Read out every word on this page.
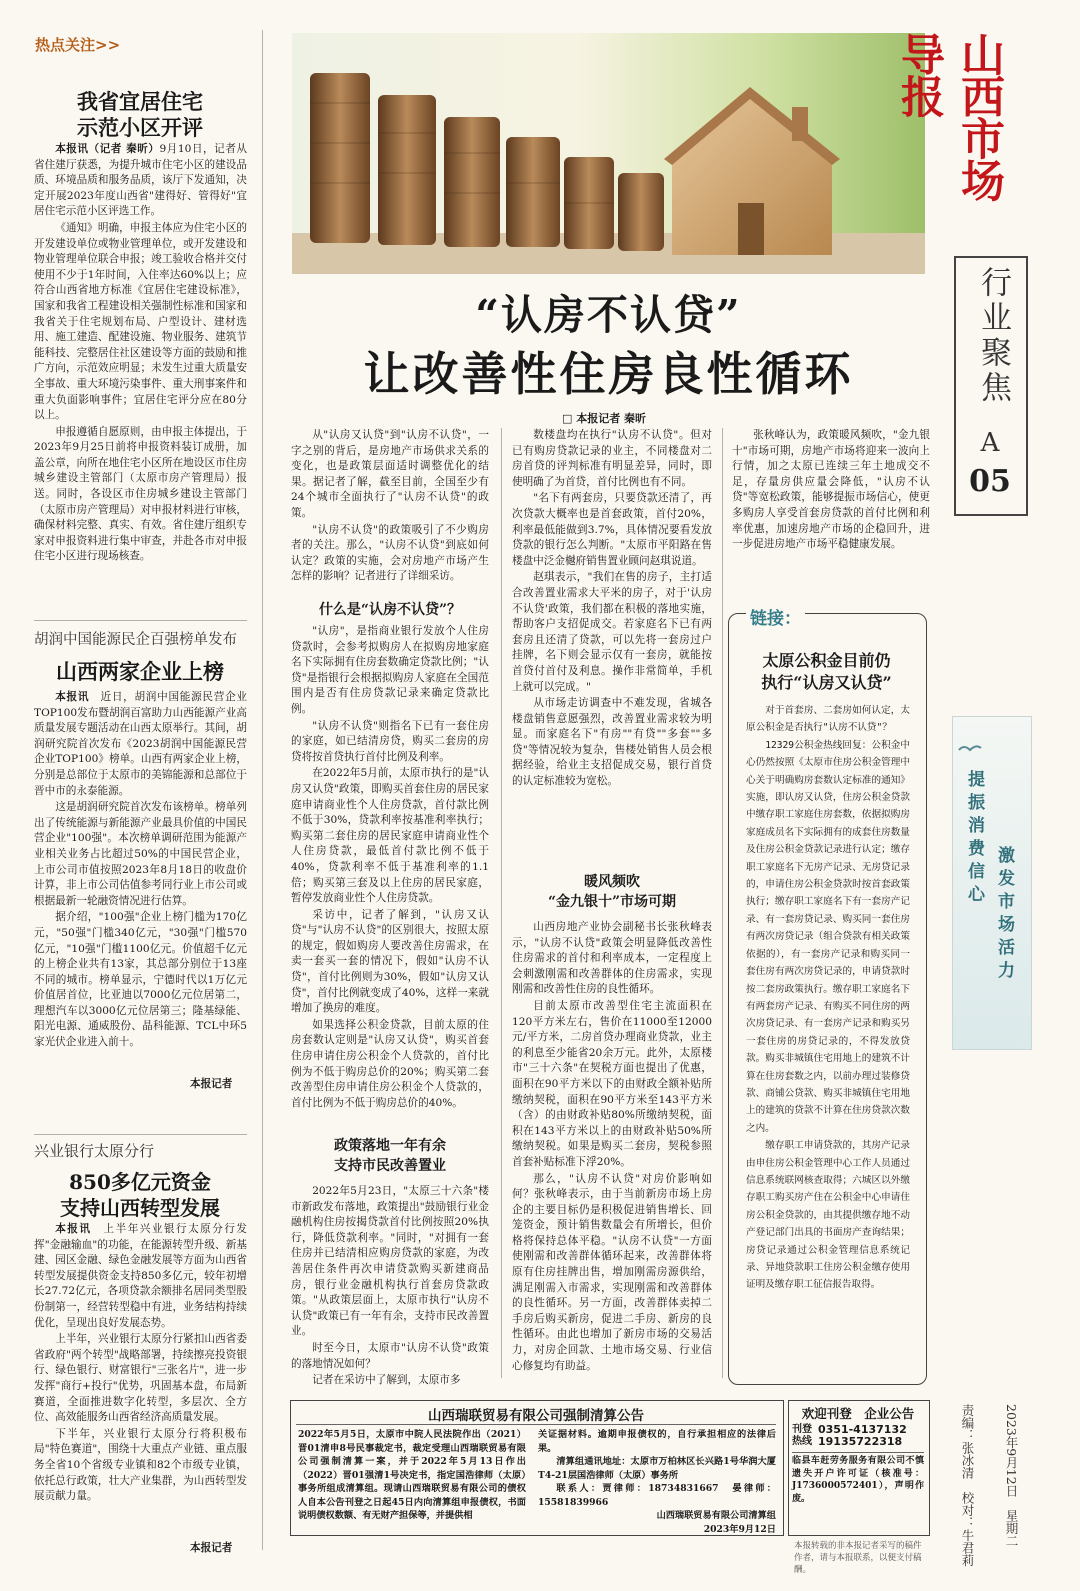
山西市场导报
行业聚焦
A
05
热点关注>>
我省宜居住宅
示范小区开评

本报讯（记者 秦昕）9月10日，记者从省住建厅获悉，为提升城市住宅小区的建设品质、环境品质和服务品质，该厅下发通知，决定开展2023年度山西省"建得好、管得好"宜居住宅示范小区评选工作。

《通知》明确，申报主体应为住宅小区的开发建设单位或物业管理单位，或开发建设和物业管理单位联合申报；竣工验收合格并交付使用不少于1年时间，入住率达60%以上；应符合山西省地方标准《宜居住宅建设标准》，国家和我省工程建设相关强制性标准和国家和我省关于住宅规划布局、户型设计、建材选用、施工建造、配建设施、物业服务、建筑节能科技、完整居住社区建设等方面的鼓励和推广方向，示范效应明显；未发生过重大质量安全事故、重大环境污染事件、重大刑事案件和重大负面影响事件；宜居住宅评分应在80分以上。

申报遵循自愿原则，由申报主体提出，于2023年9月25日前将申报资料装订成册，加盖公章，向所在地住宅小区所在地设区市住房城乡建设主管部门（太原市房产管理局）报送。同时，各设区市住房城乡建设主管部门（太原市房产管理局）对申报材料进行审核，确保材料完整、真实、有效。省住建厅组织专家对申报资料进行集中审查，并赴各市对申报住宅小区进行现场核查。

胡润中国能源民企百强榜单发布
山西两家企业上榜

本报讯　 近日，胡润中国能源民营企业TOP100发布暨胡润百富助力山西能源产业高质量发展专题活动在山西太原举行。其间，胡润研究院首次发布《2023胡润中国能源民营企业TOP100》榜单。山西有两家企业上榜，分别是总部位于太原市的美锦能源和总部位于晋中市的永泰能源。

这是胡润研究院首次发布该榜单。榜单列出了传统能源与新能源产业最具价值的中国民营企业"100强"。本次榜单调研范围为能源产业相关业务占比超过50%的中国民营企业，上市公司市值按照2023年8月18日的收盘价计算，非上市公司估值参考同行业上市公司或根据最新一轮融资情况进行估算。

据介绍，"100强"企业上榜门槛为170亿元，"50强"门槛340亿元，"30强"门槛570亿元，"10强"门槛1100亿元。价值超千亿元的上榜企业共有13家，其总部分别位于13座不同的城市。榜单显示，宁德时代以1万亿元价值居首位，比亚迪以7000亿元位居第二，理想汽车以3000亿元位居第三；隆基绿能、阳光电源、通威股份、晶科能源、TCL中环5家光伏企业进入前十。

本报记者
兴业银行太原分行
850多亿元资金
支持山西转型发展

本报讯　 上半年兴业银行太原分行发挥"金融输血"的功能，在能源转型升级、新基建、园区金融、绿色金融发展等方面为山西省转型发展提供资金支持850多亿元，较年初增长27.72亿元，各项贷款余额排名居同类型股份制第一，经营转型稳中有进，业务结构持续优化，呈现出良好发展态势。

上半年，兴业银行太原分行紧扣山西省委省政府"两个转型"战略部署，持续擦亮投资银行、绿色银行、财富银行"三张名片"，进一步发挥"商行+投行"优势，巩固基本盘，布局新赛道，全面推进数字化转型，多层次、全方位、高效能服务山西省经济高质量发展。

下半年，兴业银行太原分行将积极布局"特色赛道"，围绕十大重点产业链、重点服务全省10个省级专业镇和82个市级专业镇，依托总行政策，壮大产业集群，为山西转型发展贡献力量。

本报记者
“认房不认贷”
让改善性住房良性循环
□ 本报记者 秦昕

从"认房又认贷"到"认房不认贷"，一字之别的背后，是房地产市场供求关系的变化，也是政策层面适时调整优化的结果。据记者了解，截至目前，全国至少有24个城市全面执行了"认房不认贷"的政策。

"认房不认贷"的政策吸引了不少购房者的关注。那么，"认房不认贷"到底如何认定？政策的实施，会对房地产市场产生怎样的影响？记者进行了详细采访。

什么是“认房不认贷”？

"认房"，是指商业银行发放个人住房贷款时，会参考拟购房人在拟购房地家庭名下实际拥有住房套数确定贷款比例；"认贷"是指银行会根据拟购房人家庭在全国范围内是否有住房贷款记录来确定贷款比例。

"认房不认贷"则指名下已有一套住房的家庭，如已结清房贷，购买二套房的房贷将按首贷执行首付比例及利率。

在2022年5月前，太原市执行的是"认房又认贷"政策，即购买首套住房的居民家庭申请商业性个人住房贷款，首付款比例不低于30%，贷款利率按基准利率执行；购买第二套住房的居民家庭申请商业性个人住房贷款，最低首付款比例不低于40%，贷款利率不低于基准利率的1.1倍；购买第三套及以上住房的居民家庭，暂停发放商业性个人住房贷款。

采访中，记者了解到，"认房又认贷"与"认房不认贷"的区别很大，按照太原的规定，假如购房人要改善住房需求，在卖一套买一套的情况下，假如"认房不认贷"，首付比例则为30%，假如"认房又认贷"，首付比例就变成了40%，这样一来就增加了换房的难度。

如果选择公积金贷款，目前太原的住房套数认定则是"认房又认贷"，购买首套住房申请住房公积金个人贷款的，首付比例为不低于购房总价的20%；购买第二套改善型住房申请住房公积金个人贷款的，首付比例为不低于购房总价的40%。

政策落地一年有余
支持市民改善置业

2022年5月23日，"太原三十六条"楼市新政发布落地，政策提出"鼓励银行业金融机构住房按揭贷款首付比例按照20%执行，降低贷款利率。"同时，"对拥有一套住房并已结清相应购房贷款的家庭，为改善居住条件再次申请贷款购买新建商品房，银行业金融机构执行首套房贷款政策。"从政策层面上，太原市执行"认房不认贷"政策已有一年有余，支持市民改善置业。

时至今日，太原市"认房不认贷"政策的落地情况如何？

记者在采访中了解到，太原市多

数楼盘均在执行"认房不认贷"。但对已有购房贷款记录的业主，不同楼盘对二房首贷的评判标准有明显差异，同时，即使明确了为首贷，首付比例也有不同。

"名下有两套房，只要贷款还清了，再次贷款大概率也是首套政策，首付20%，利率最低能做到3.7%，具体情况要看发放贷款的银行怎么判断。"太原市平阳路在售楼盘中泛金樾府销售置业顾问赵琪说道。

赵琪表示，"我们在售的房子，主打适合改善置业需求大平米的房子，对于'认房不认贷'政策，我们都在积极的落地实施，帮助客户支招促成交。若家庭名下已有两套房且还清了贷款，可以先将一套房过户挂牌，名下则会显示仅有一套房，就能按首贷付首付及利息。操作非常简单，手机上就可以完成。"

从市场走访调查中不难发现，省城各楼盘销售意愿强烈，改善置业需求较为明显。而家庭名下"有房""有贷""多套""多贷"等情况较为复杂，售楼处销售人员会根据经验，给业主支招促成交易，银行首贷的认定标准较为宽松。

暖风频吹
“金九银十”市场可期

山西房地产业协会副秘书长张秋峰表示，"认房不认贷"政策会明显降低改善性住房需求的首付和利率成本，一定程度上会刺激刚需和改善群体的住房需求，实现刚需和改善性住房的良性循环。

目前太原市改善型住宅主流面积在120平方米左右，售价在11000至12000元/平方米，二房首贷办理商业贷款，业主的利息至少能省20余万元。此外，太原楼市"三十六条"在契税方面也提出了优惠，面积在90平方米以下的由财政全额补贴所缴纳契税，面积在90平方米至143平方米（含）的由财政补贴80%所缴纳契税，面积在143平方米以上的由财政补贴50%所缴纳契税。如果是购买二套房，契税参照首套补贴标准下浮20%。

那么，"认房不认贷"对房价影响如何？张秋峰表示，由于当前新房市场上房企的主要目标仍是积极促进销售增长、回笼资金，预计销售数量会有所增长，但价格将保持总体平稳。"认房不认贷"一方面使刚需和改善群体循环起来，改善群体将原有住房挂牌出售，增加刚需房源供给，满足刚需入市需求，实现刚需和改善群体的良性循环。另一方面，改善群体卖掉二手房后购买新房，促进二手房、新房的良性循环。由此也增加了新房市场的交易活力，对房企回款、土地市场交易、行业信心修复均有助益。

张秋峰认为，政策暖风频吹，"金九银十"市场可期，房地产市场将迎来一波向上行情，加之太原已连续三年土地成交不足，存量房供应量会降低，"认房不认贷"等宽松政策，能够提振市场信心，使更多购房人享受首套房贷款的首付比例和利率优惠，加速房地产市场的企稳回升，进一步促进房地产市场平稳健康发展。

链接：
太原公积金目前仍
执行“认房又认贷”

对于首套房、二套房如何认定，太原公积金是否执行"认房不认贷"？

12329公积金热线回复：公积金中心仍然按照《太原市住房公积金管理中心关于明确购房套数认定标准的通知》实施，即认房又认贷，住房公积金贷款中缴存职工家庭住房套数，依据拟购房家庭成员名下实际拥有的成套住房数量及住房公积金贷款记录进行认定；缴存职工家庭名下无房产记录、无房贷记录的，申请住房公积金贷款时按首套政策执行；缴存职工家庭名下有一套房产记录、有一套房贷记录、购买同一套住房有两次房贷记录（组合贷款有相关政策依据的），有一套房产记录和购买同一套住房有两次房贷记录的，申请贷款时按二套房政策执行。缴存职工家庭名下有两套房产记录、有购买不同住房的两次房贷记录、有一套房产记录和购买另一套住房的房贷记录的，不得发放贷款。购买非城镇住宅用地上的建筑不计算在住房套数之内，以前办理过装修贷款、商铺公贷款、购买非城镇住宅用地上的建筑的贷款不计算在住房贷款次数之内。

缴存职工申请贷款的，其房产记录由申住房公积金管理中心工作人员通过信息系统联网核查取得；六城区以外缴存职工购买房产住在公积金中心申请住房公积金贷款的，由其提供缴存地不动产登记部门出具的书面房产查询结果；房贷记录通过公积金管理信息系统记录、异地贷款职工住房公积金缴存使用证明及缴存职工征信报告取得。

提振消费信心
激发市场活力
责编：张冰清　校对：牛君莉 2023年9月12日　星期二
山西瑞联贸易有限公司强制清算公告
2022年5月5日，太原市中院人民法院作出（2021）晋01清申8号民事裁定书，裁定受理山西瑞联贸易有限公司强制清算一案，并于2022年5月13日作出（2022）晋01强清1号决定书，指定国浩律师（太原）事务所组成清算组。现请山西瑞联贸易有限公司的债权人自本公告刊登之日起45日内向清算组申报债权，书面说明债权数额、有无财产担保等，并提供相
关证据材料。逾期申报债权的，自行承担相应的法律后果。
清算组通讯地址：太原市万柏林区长兴路1号华润大厦T4-21层国浩律师（太原）事务所
联系人：贾律师：18734831667　晏律师：15581839966
山西瑞联贸易有限公司清算组
2023年9月12日
欢迎刊登　企业公告
刊登
热线
0351-4137132
19135722318
临县车赶劳务服务有限公司不慎遗失开户许可证（核准号：J1736000572401），声明作废。
本报转载的非本报记者采写的稿件作者，请与本报联系，以便支付稿酬。
